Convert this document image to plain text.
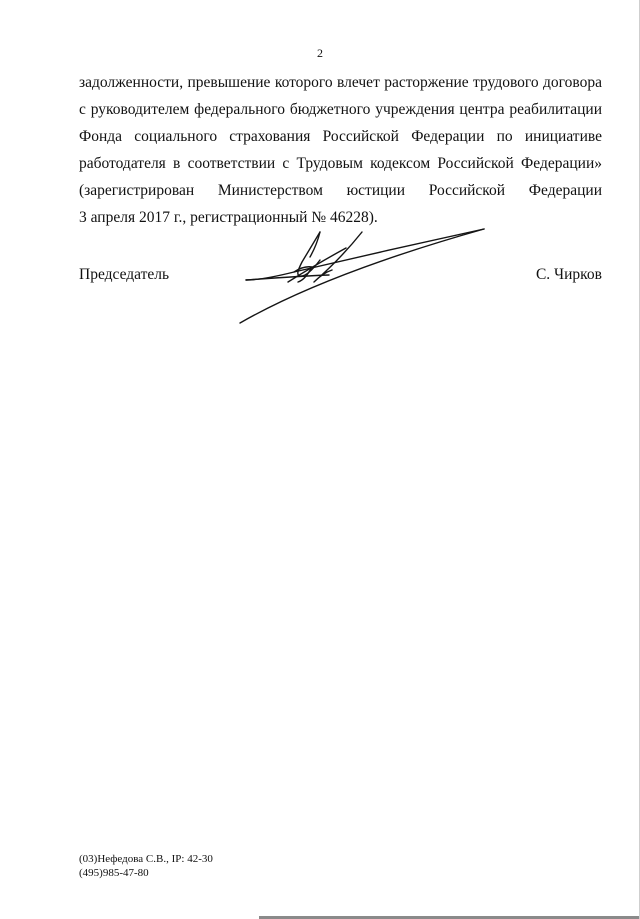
2
задолженности, превышение которого влечет расторжение трудового договора
с руководителем федерального бюджетного учреждения центра реабилитации
Фонда социального страхования Российской Федерации по инициативе
работодателя в соответствии с Трудовым кодексом Российской Федерации»
(зарегистрирован Министерством юстиции Российской Федерации
3 апреля 2017 г., регистрационный № 46228).
Председатель	С. Чирков
(03)Нефедова С.В., IP: 42-30
(495)985-47-80
